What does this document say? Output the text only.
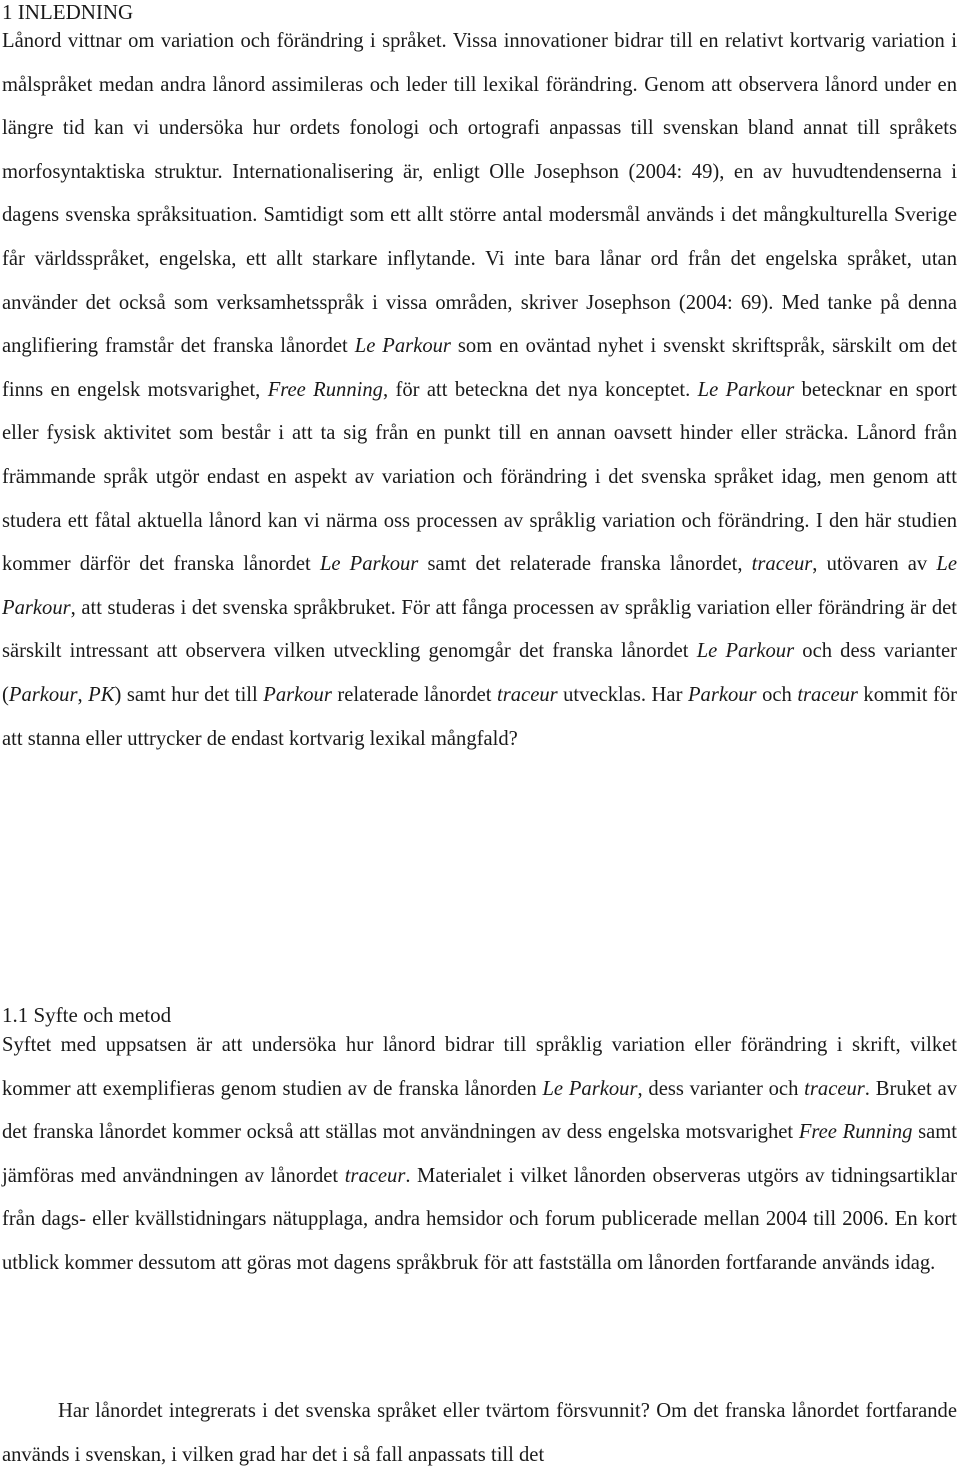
1 INLEDNING

Lånord vittnar om variation och förändring i språket. Vissa innovationer bidrar till en relativt kortvarig variation i målspråket medan andra lånord assimileras och leder till lexikal förändring. Genom att observera lånord under en längre tid kan vi undersöka hur ordets fonologi och ortografi anpassas till svenskan bland annat till språkets morfosyntaktiska struktur. Internationalisering är, enligt Olle Josephson (2004: 49), en av huvudtendenserna i dagens svenska språksituation. Samtidigt som ett allt större antal modersmål används i det mångkulturella Sverige får världsspråket, engelska, ett allt starkare inflytande. Vi inte bara lånar ord från det engelska språket, utan använder det också som verksamhetsspråk i vissa områden, skriver Josephson (2004: 69). Med tanke på denna anglifiering framstår det franska lånordet Le Parkour som en oväntad nyhet i svenskt skriftspråk, särskilt om det finns en engelsk motsvarighet, Free Running, för att beteckna det nya konceptet. Le Parkour betecknar en sport eller fysisk aktivitet som består i att ta sig från en punkt till en annan oavsett hinder eller sträcka. Lånord från främmande språk utgör endast en aspekt av variation och förändring i det svenska språket idag, men genom att studera ett fåtal aktuella lånord kan vi närma oss processen av språklig variation och förändring. I den här studien kommer därför det franska lånordet Le Parkour samt det relaterade franska lånordet, traceur, utövaren av Le Parkour, att studeras i det svenska språkbruket. För att fånga processen av språklig variation eller förändring är det särskilt intressant att observera vilken utveckling genomgår det franska lånordet Le Parkour och dess varianter (Parkour, PK) samt hur det till Parkour relaterade lånordet traceur utvecklas. Har Parkour och traceur kommit för att stanna eller uttrycker de endast kortvarig lexikal mångfald?

1.1 Syfte och metod

Syftet med uppsatsen är att undersöka hur lånord bidrar till språklig variation eller förändring i skrift, vilket kommer att exemplifieras genom studien av de franska lånorden Le Parkour, dess varianter och traceur. Bruket av det franska lånordet kommer också att ställas mot användningen av dess engelska motsvarighet Free Running samt jämföras med användningen av lånordet traceur. Materialet i vilket lånorden observeras utgörs av tidningsartiklar från dags- eller kvällstidningars nätupplaga, andra hemsidor och forum publicerade mellan 2004 till 2006. En kort utblick kommer dessutom att göras mot dagens språkbruk för att fastställa om lånorden fortfarande används idag.

Har lånordet integrerats i det svenska språket eller tvärtom försvunnit? Om det franska lånordet fortfarande används i svenskan, i vilken grad har det i så fall anpassats till det
